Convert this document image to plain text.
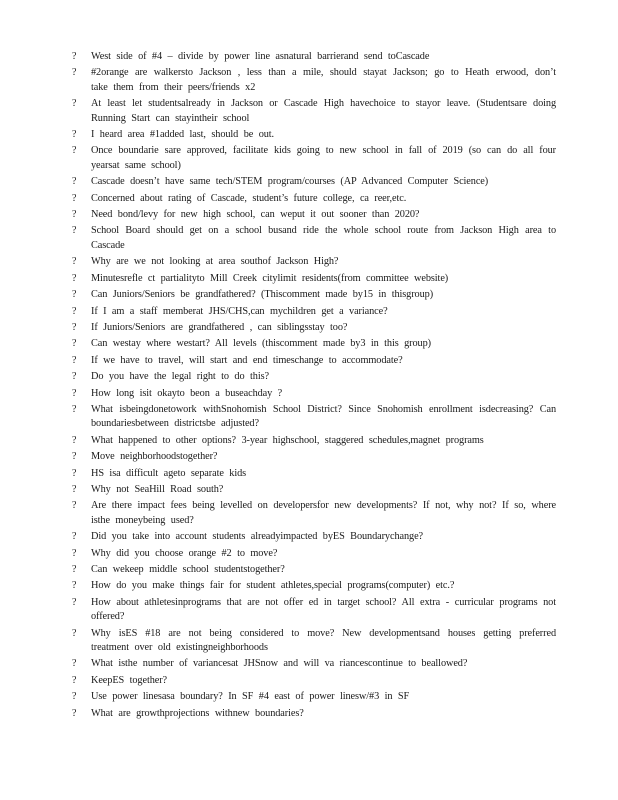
?	West side of #4 – divide by power line asnatural barrierand send toCascade
?	#2orange are walkersto Jackson , less than a mile, should stayat Jackson; go to Heath erwood, don’t take them from their peers/friends x2
?	At least let studentsalready in Jackson or Cascade High havechoice to stayor leave. (Studentsare doing Running Start can stayintheir school
?	I heard area #1added last, should be out.
?	Once boundarie sare approved, facilitate kids going to new school in fall of 2019 (so can do all four yearsat same school)
?	Cascade doesn’t have same tech/STEM program/courses (AP Advanced Computer Science)
?	Concerned about rating of Cascade, student’s future college, ca reer,etc.
?	Need bond/levy for new high school, can weput it out sooner than 2020?
?	School Board should get on a school busand ride the whole school route from Jackson High area to Cascade
?	Why are we not looking at area southof Jackson High?
?	Minutesrefle ct partialityto Mill Creek citylimit residents(from committee website)
?	Can Juniors/Seniors be grandfathered? (Thiscomment made by15 in thisgroup)
?	If I am a staff memberat JHS/CHS,can mychildren get a variance?
?	If Juniors/Seniors are grandfathered , can siblingsstay too?
?	Can westay where westart? All levels (thiscomment made by3 in this group)
?	If we have to travel, will start and end timeschange to accommodate?
?	Do you have the legal right to do this?
?	How long isit okayto beon a buseachday ?
?	What isbeingdonetowork withSnohomish School District? Since Snohomish enrollment isdecreasing? Can boundariesbetween districtsbe adjusted?
?	What happened to other options? 3-year highschool, staggered schedules,magnet programs
?	Move neighborhoodstogether?
?	HS isa difficult ageto separate kids
?	Why not SeaHill Road south?
?	Are there impact fees being levelled on developersfor new developments? If not, why not? If so, where isthe moneybeing used?
?	Did you take into account students alreadyimpacted byES Boundarychange?
?	Why did you choose orange #2 to move?
?	Can wekeep middle school studentstogether?
?	How do you make things fair for student athletes,special programs(computer) etc.?
?	How about athletesinprograms that are not offer ed in target school? All extra - curricular programs not offered?
?	Why isES #18 are not being considered to move? New developmentsand houses getting preferred treatment over old existingneighborhoods
?	What isthe number of variancesat JHSnow and will va riancescontinue to beallowed?
?	KeepES together?
?	Use power linesasa boundary? In SF #4 east of power linesw/#3 in SF
?	What are growthprojections withnew boundaries?
